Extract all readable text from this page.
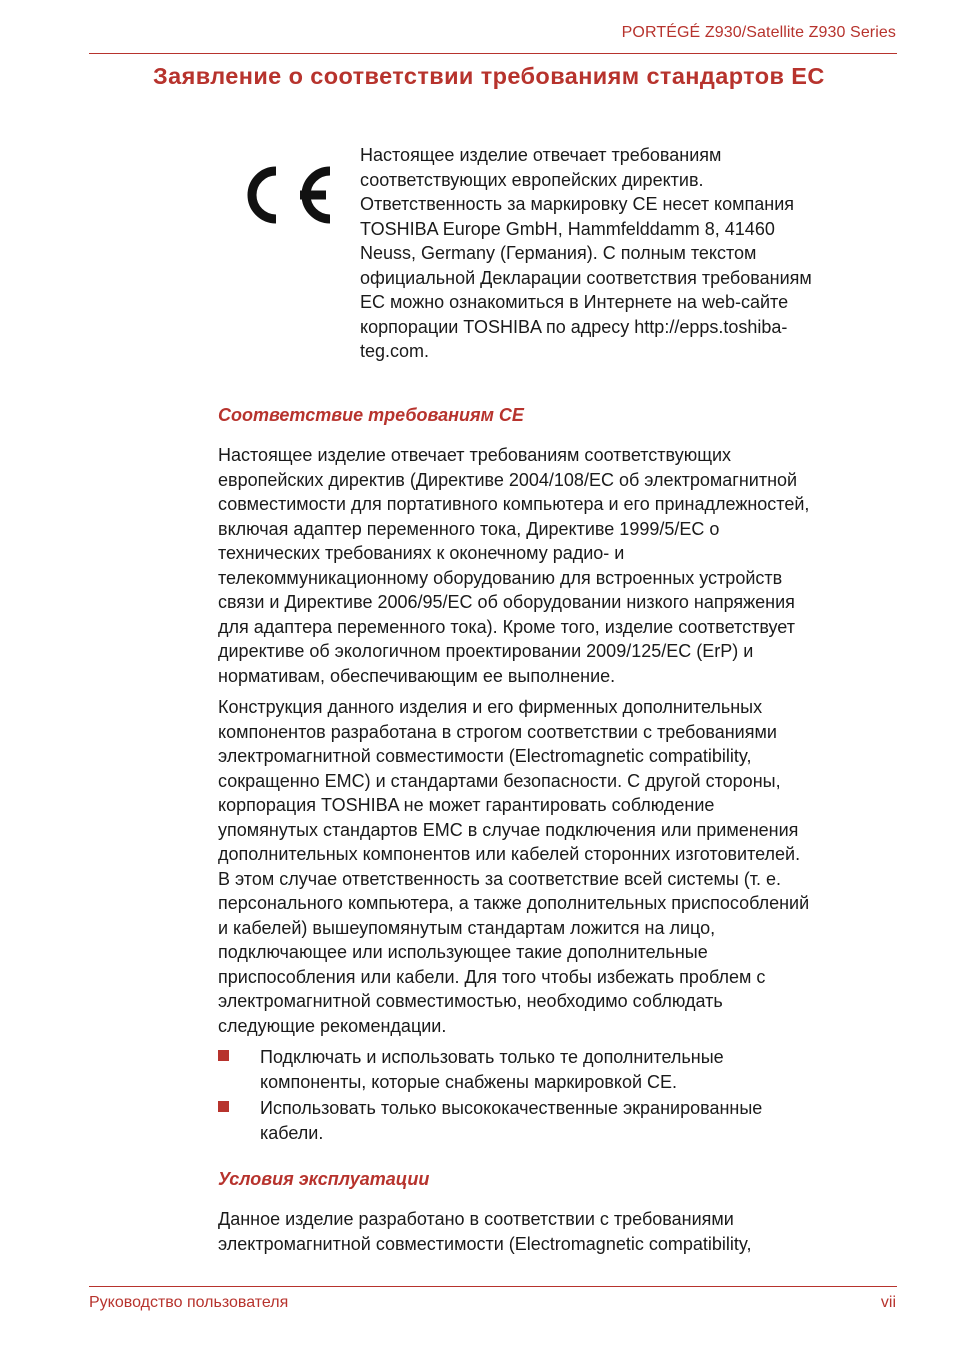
PORTÉGÉ Z930/Satellite Z930 Series
Заявление о соответствии требованиям стандартов ЕС

Настоящее изделие отвечает требованиям
соответствующих европейских директив.
Ответственность за маркировку CE несет компания
TOSHIBA Europe GmbH, Hammfelddamm 8, 41460
Neuss, Germany (Германия). С полным текстом
официальной Декларации соответствия требованиям
ЕС можно ознакомиться в Интернете на web-сайте
корпорации TOSHIBA по адресу http://epps.toshiba-
teg.com.

Соответствие требованиям CE

Настоящее изделие отвечает требованиям соответствующих
европейских директив (Директиве 2004/108/EC об электромагнитной
совместимости для портативного компьютера и его принадлежностей,
включая адаптер переменного тока, Директиве 1999/5/EC о
технических требованиях к оконечному радио- и
телекоммуникационному оборудованию для встроенных устройств
связи и Директиве 2006/95/EC об оборудовании низкого напряжения
для адаптера переменного тока). Кроме того, изделие соответствует
директиве об экологичном проектировании 2009/125/EC (ErP) и
нормативам, обеспечивающим ее выполнение.

Конструкция данного изделия и его фирменных дополнительных
компонентов разработана в строгом соответствии с требованиями
электромагнитной совместимости (Electromagnetic compatibility,
сокращенно EMC) и стандартами безопасности. С другой стороны,
корпорация TOSHIBA не может гарантировать соблюдение
упомянутых стандартов EMC в случае подключения или применения
дополнительных компонентов или кабелей сторонних изготовителей.
В этом случае ответственность за соответствие всей системы (т. е.
персонального компьютера, а также дополнительных приспособлений
и кабелей) вышеупомянутым стандартам ложится на лицо,
подключающее или использующее такие дополнительные
приспособления или кабели. Для того чтобы избежать проблем с
электромагнитной совместимостью, необходимо соблюдать
следующие рекомендации.

Подключать и использовать только те дополнительные
компоненты, которые снабжены маркировкой CE.

Использовать только высококачественные экранированные
кабели.

Условия эксплуатации

Данное изделие разработано в соответствии с требованиями
электромагнитной совместимости (Electromagnetic compatibility,

Руководство пользователя	vii
